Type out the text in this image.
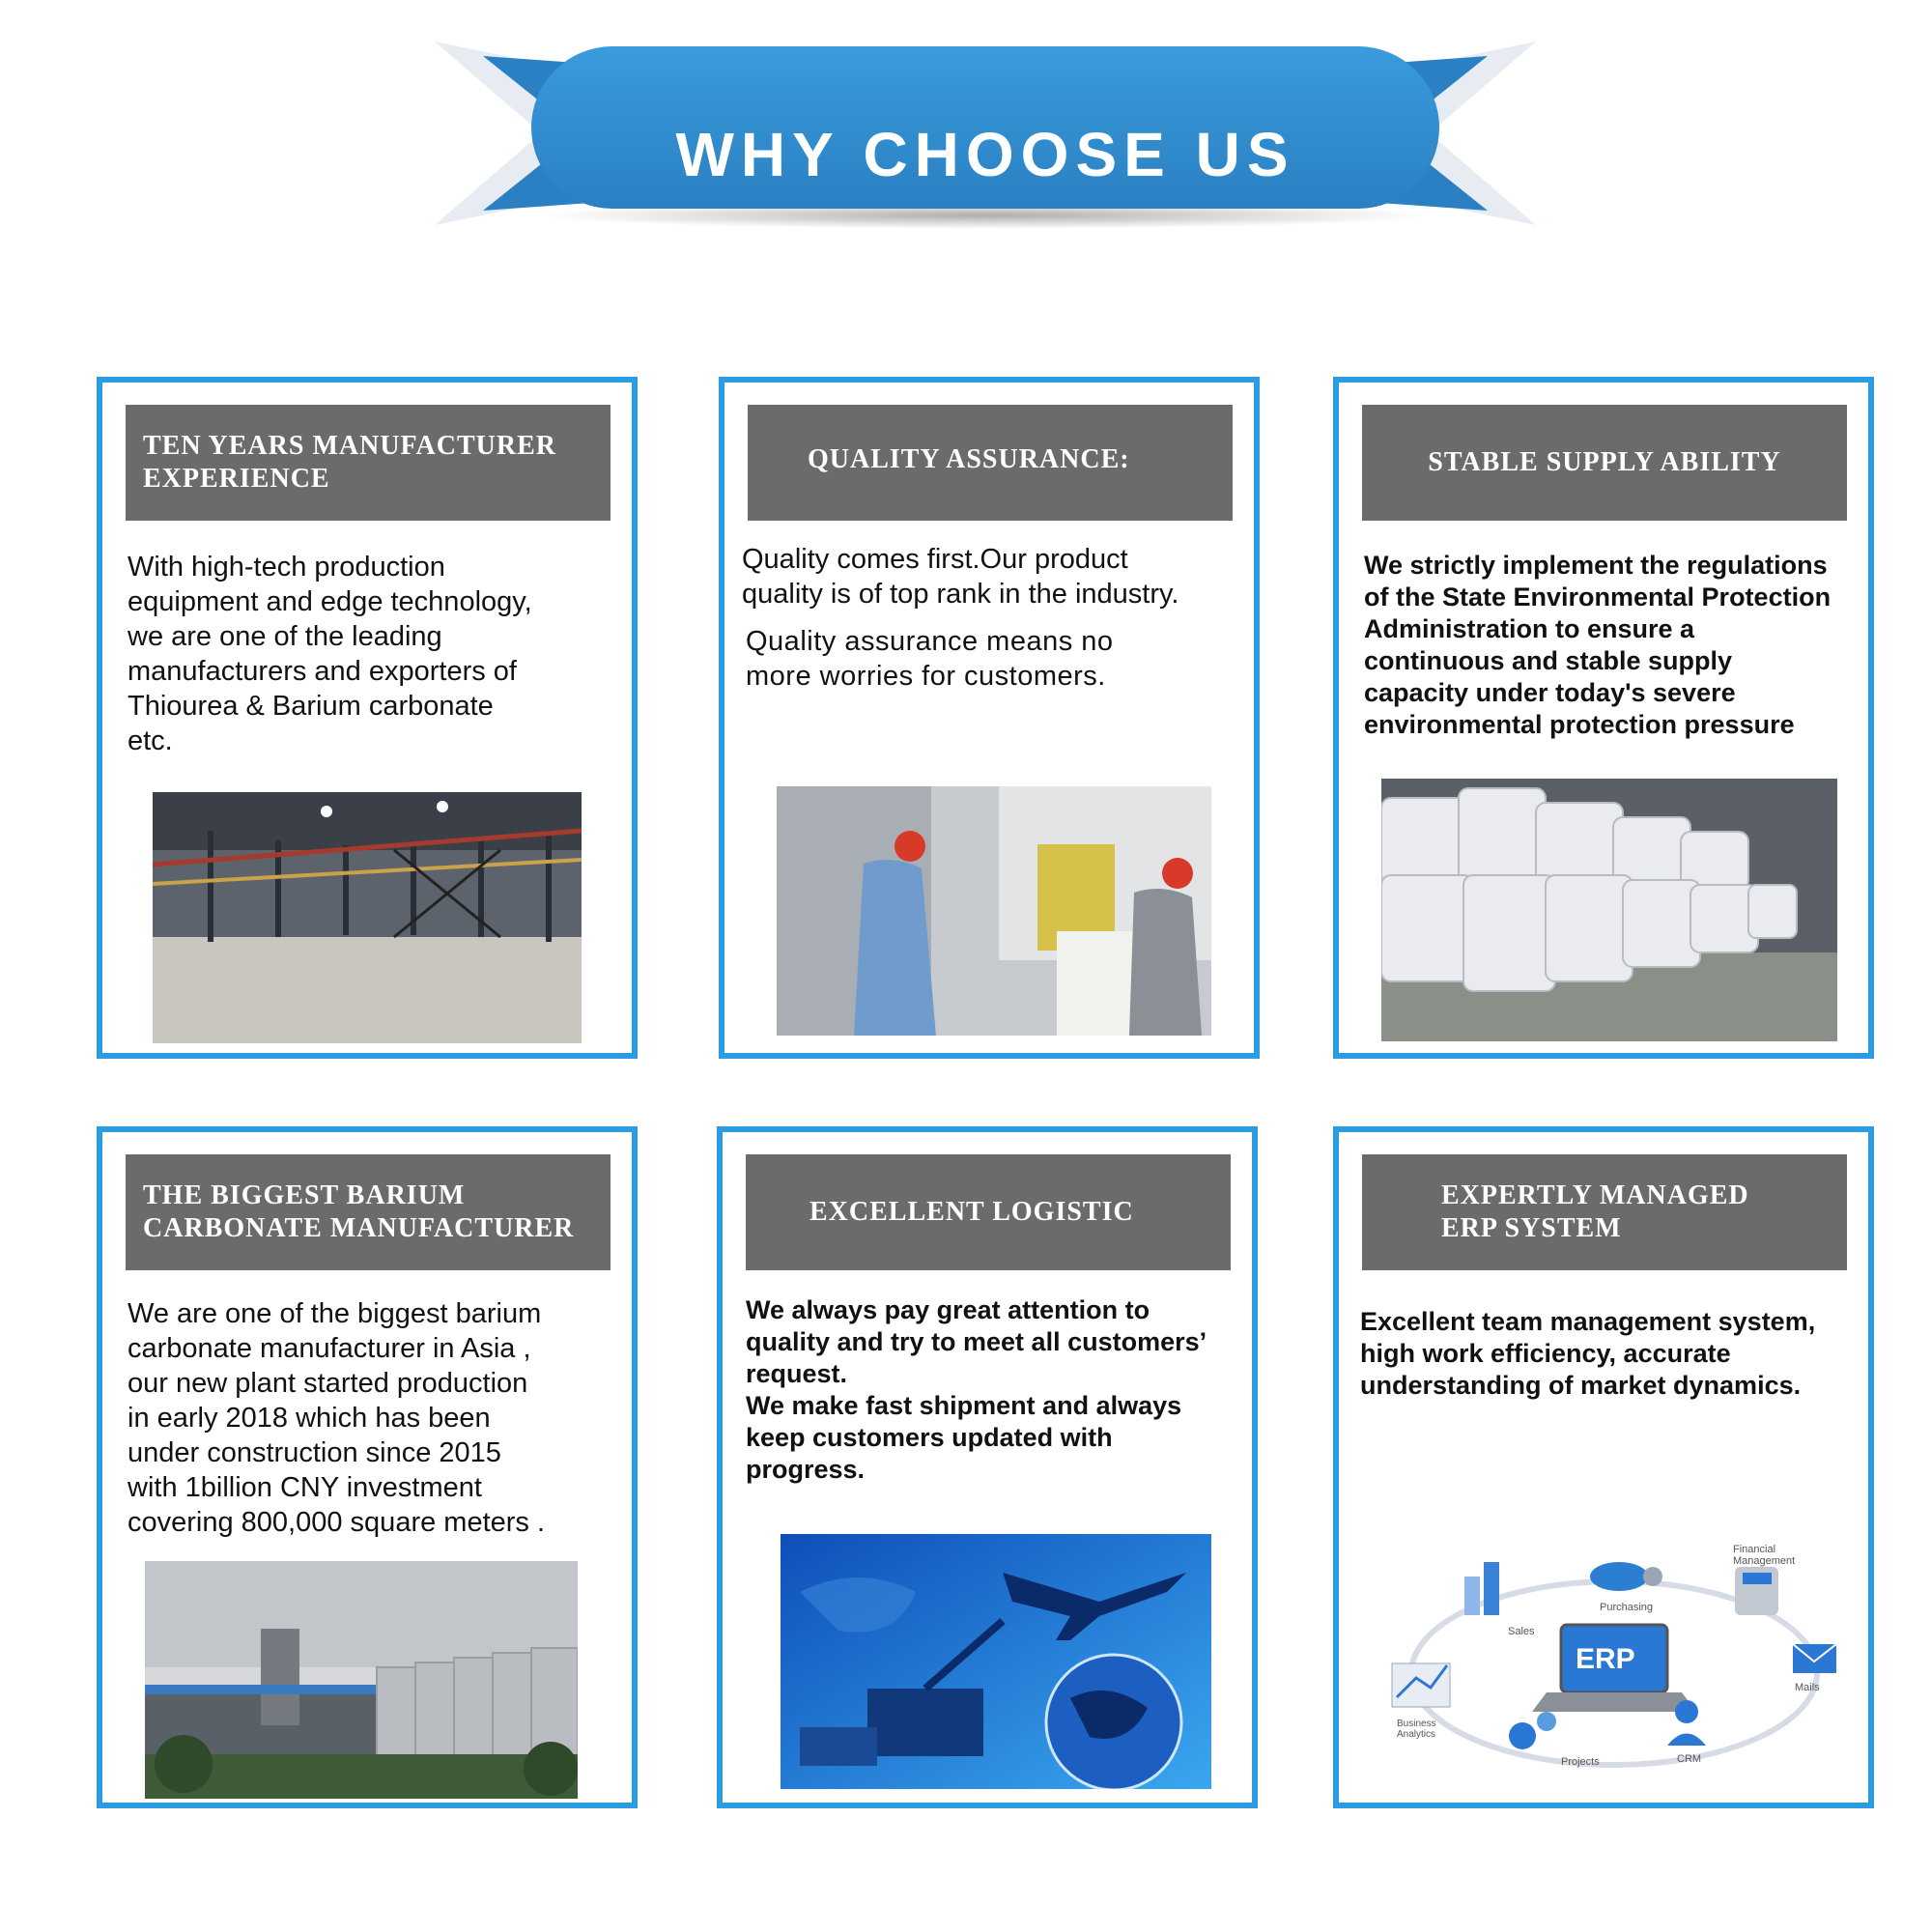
WHY CHOOSE US
TEN YEARS MANUFACTURER
EXPERIENCE
With high-tech production
equipment and edge technology,
we are one of the leading
manufacturers and exporters of
Thiourea & Barium carbonate
etc.
QUALITY ASSURANCE:
Quality comes first.Our product
quality is of top rank in the industry.
Quality assurance means no
more worries for customers.
STABLE SUPPLY ABILITY
We strictly implement the regulations
of the State Environmental Protection
Administration to ensure a
continuous and stable supply
capacity under today's severe
environmental protection pressure
THE BIGGEST BARIUM
CARBONATE MANUFACTURER
We are one of the biggest barium
carbonate manufacturer in Asia ,
our new plant started production
in early 2018 which has been
under construction since 2015
with 1billion CNY investment
covering 800,000 square meters .
EXCELLENT LOGISTIC
We always pay great attention to
quality and try to meet all customers’
request.
We make fast shipment and always
keep customers updated with
progress.
EXPERTLY MANAGED
ERP SYSTEM
Excellent team management system,
high work efficiency, accurate
understanding of market dynamics.
ERP
Purchasing
Financial Management
Sales
Mails
Business Analytics
Projects	CRM
